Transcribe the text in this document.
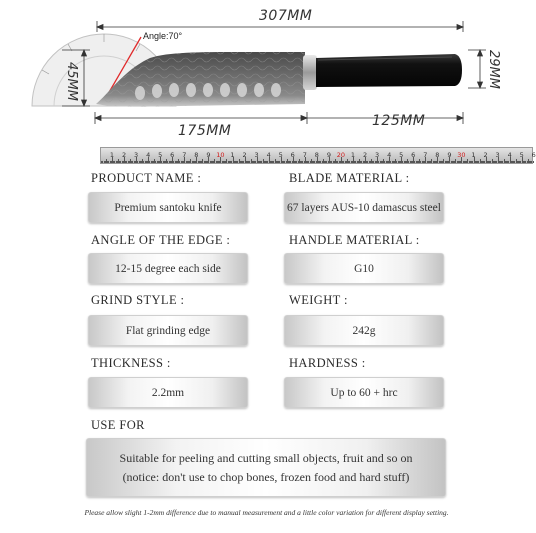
307MM
175MM
125MM
45MM	29MM
Angle:70°
1 2 3 4 5 6 7 8 9 10 1 2 3 4 5 6 7 8 9 20 1 2 3 4 5 6 7 8 9 30 1 2 3 4 5 6
PRODUCT NAME :	BLADE MATERIAL :
Premium santoku knife	67 layers AUS-10 damascus steel
ANGLE OF THE EDGE :	HANDLE MATERIAL :
12-15 degree each side	G10
GRIND STYLE :	WEIGHT :
Flat grinding edge	242g
THICKNESS :	HARDNESS :
2.2mm	Up to 60 + hrc
USE FOR
Suitable for peeling and cutting small objects, fruit and so on
(notice: don't use to chop bones, frozen food and hard stuff)
Please allow slight 1-2mm difference due to manual measurement and a little color variation for different display setting.
